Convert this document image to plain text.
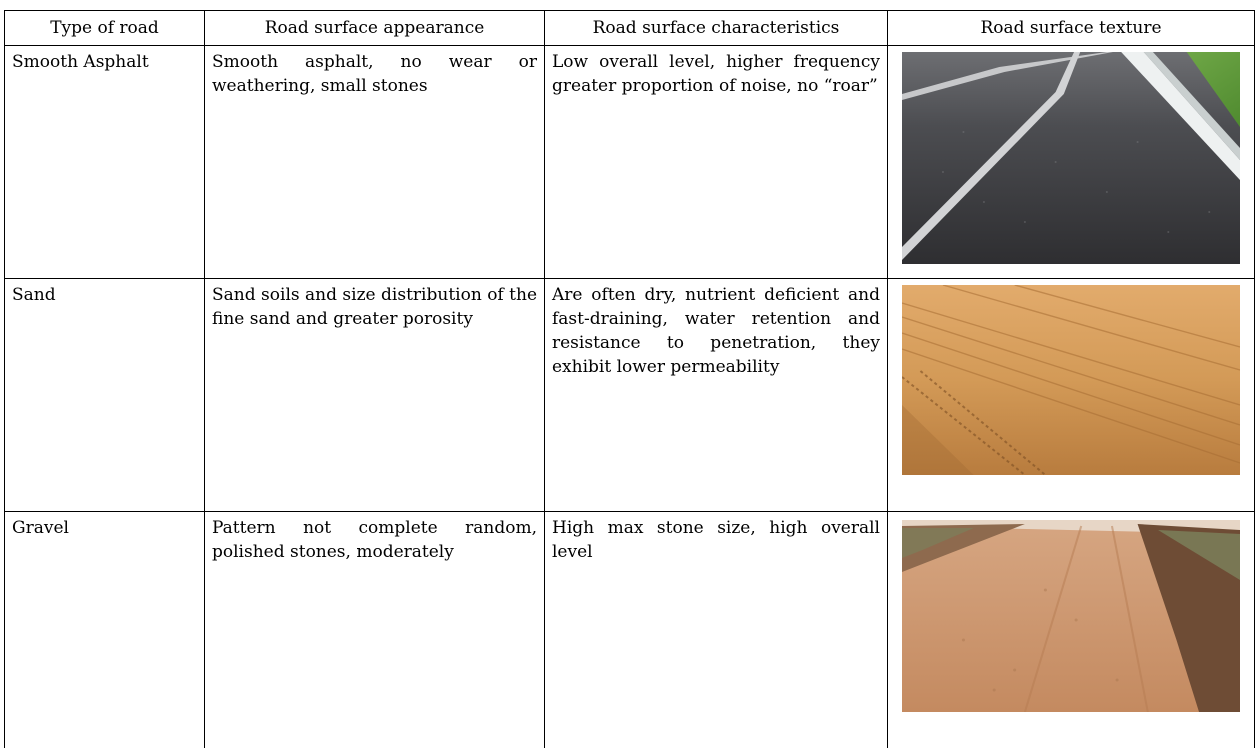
Type of road	Road surface appearance	Road surface characteristics	Road surface texture
Smooth Asphalt	Smooth asphalt, no wear or weathering, small stones	Low overall level, higher frequency greater proportion of noise, no “roar”	

Sand	Sand soils and size distribution of the fine sand and greater porosity	Are often dry, nutrient deficient and fast-draining, water retention and resistance to penetration, they exhibit lower permeability	

Gravel	Pattern not complete random, polished stones, moderately	High max stone size, high overall level	
